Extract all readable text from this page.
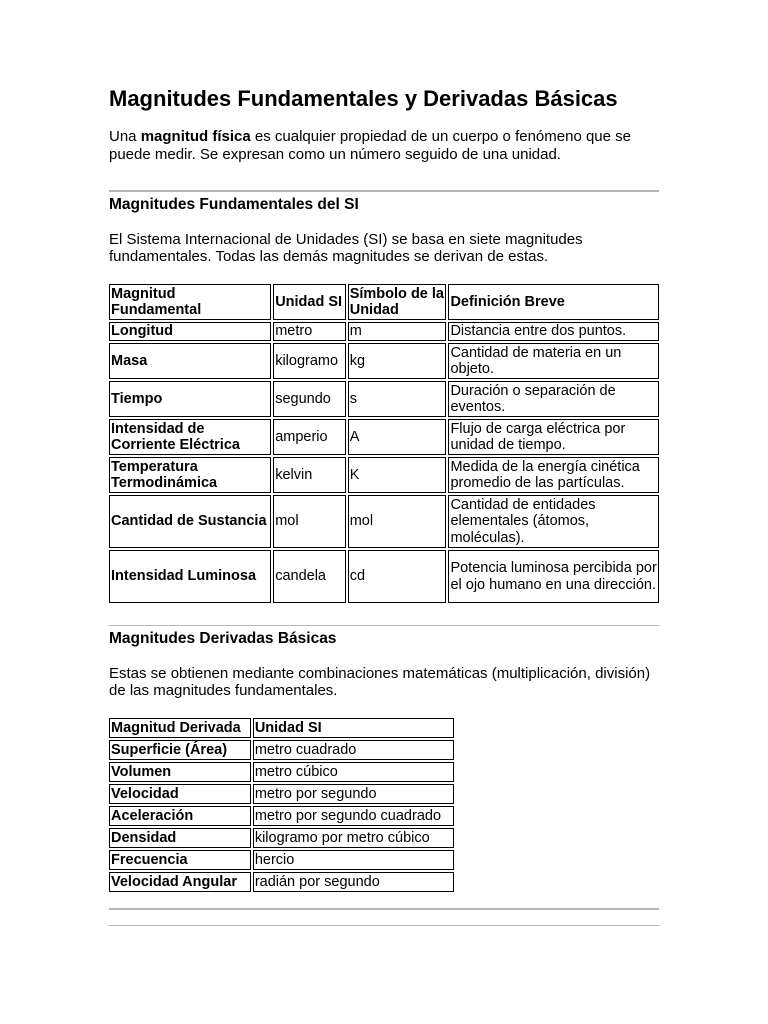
Magnitudes Fundamentales y Derivadas Básicas

Una magnitud física es cualquier propiedad de un cuerpo o fenómeno que se puede medir. Se expresan como un número seguido de una unidad.

Magnitudes Fundamentales del SI

El Sistema Internacional de Unidades (SI) se basa en siete magnitudes fundamentales. Todas las demás magnitudes se derivan de estas.

Magnitud Fundamental	Unidad SI	Símbolo de la Unidad	Definición Breve
Longitud	metro	m	Distancia entre dos puntos.
Masa	kilogramo	kg	Cantidad de materia en un objeto.
Tiempo	segundo	s	Duración o separación de eventos.
Intensidad de Corriente Eléctrica	amperio	A	Flujo de carga eléctrica por unidad de tiempo.
Temperatura Termodinámica	kelvin	K	Medida de la energía cinética promedio de las partículas.
Cantidad de Sustancia	mol	mol	Cantidad de entidades elementales (átomos, moléculas).
Intensidad Luminosa	candela	cd	Potencia luminosa percibida por el ojo humano en una dirección.
Magnitudes Derivadas Básicas

Estas se obtienen mediante combinaciones matemáticas (multiplicación, división) de las magnitudes fundamentales.

Magnitud Derivada	Unidad SI
Superficie (Área)	metro cuadrado
Volumen	metro cúbico
Velocidad	metro por segundo
Aceleración	metro por segundo cuadrado
Densidad	kilogramo por metro cúbico
Frecuencia	hercio
Velocidad Angular	radián por segundo
